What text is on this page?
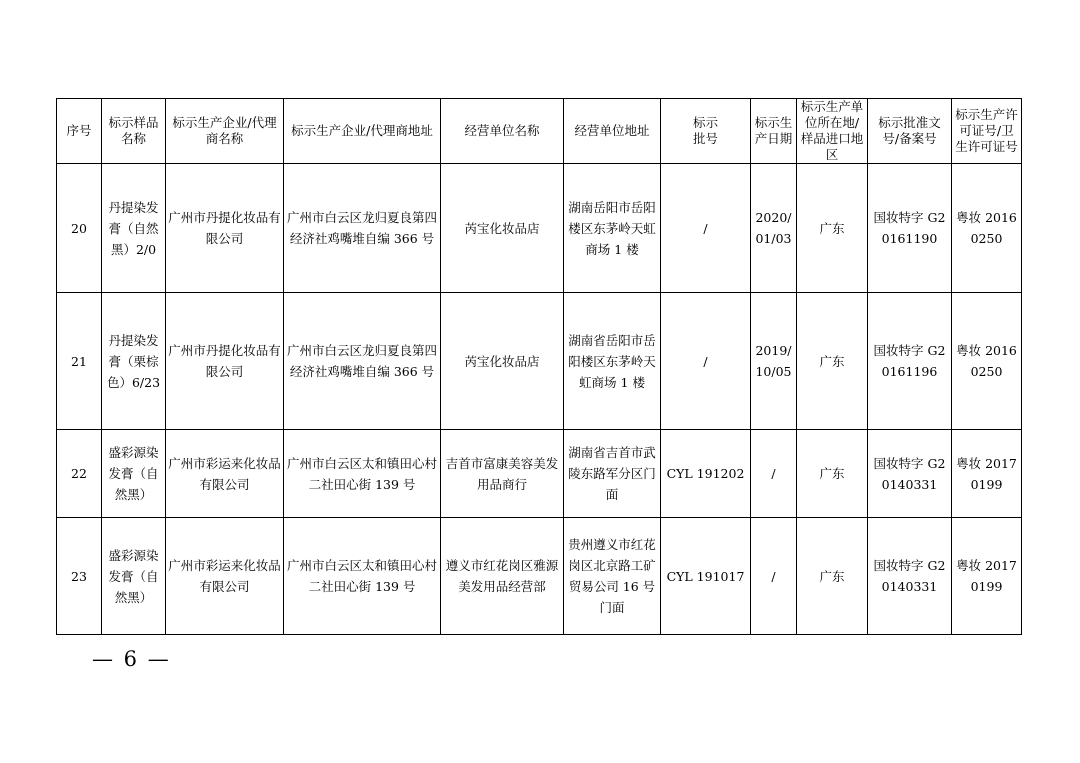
序号	标示样品名称	标示生产企业/代理商名称	标示生产企业/代理商地址	经营单位名称	经营单位地址	标示批号	标示生产日期	标示生产单位所在地/样品进口地区	标示批准文号/备案号	标示生产许可证号/卫生许可证号
20	丹提染发膏（自然黑）2/0	广州市丹提化妆品有限公司	广州市白云区龙归夏良第四经济社鸡嘴堆自编 366 号	芮宝化妆品店	湖南岳阳市岳阳楼区东茅岭天虹商场 1 楼	/	2020/01/03	广东	国妆特字 G20161190	粤妆 20160250
21	丹提染发膏（栗棕色）6/23	广州市丹提化妆品有限公司	广州市白云区龙归夏良第四经济社鸡嘴堆自编 366 号	芮宝化妆品店	湖南省岳阳市岳阳楼区东茅岭天虹商场 1 楼	/	2019/10/05	广东	国妆特字 G20161196	粤妆 20160250
22	盛彩源染发膏（自然黑）	广州市彩运来化妆品有限公司	广州市白云区太和镇田心村二社田心街 139 号	吉首市富康美容美发用品商行	湖南省吉首市武陵东路军分区门面	CYL 191202	/	广东	国妆特字 G20140331	粤妆 20170199
23	盛彩源染发膏（自然黑）	广州市彩运来化妆品有限公司	广州市白云区太和镇田心村二社田心街 139 号	遵义市红花岗区雅源美发用品经营部	贵州遵义市红花岗区北京路工矿贸易公司 16 号门面	CYL 191017	/	广东	国妆特字 G20140331	粤妆 20170199
— 6 —
